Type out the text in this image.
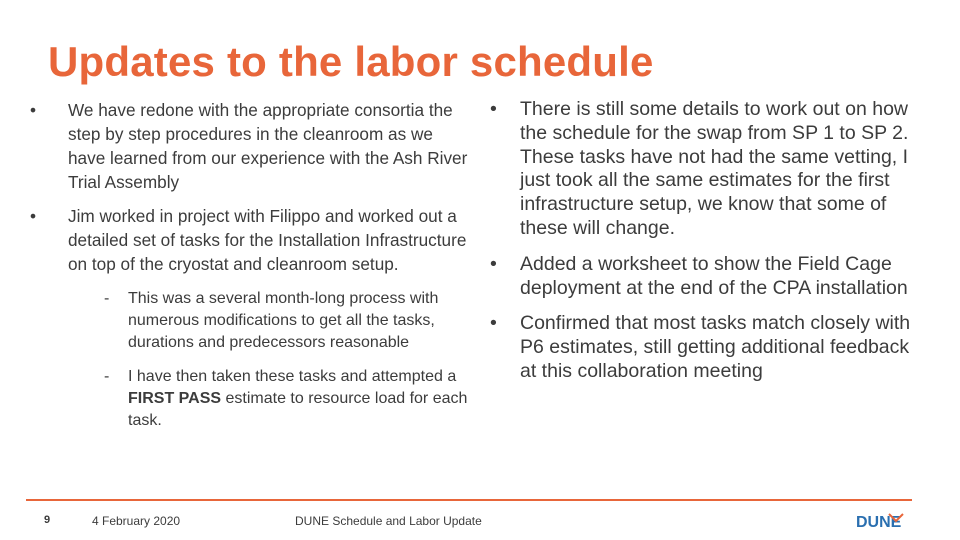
Updates to the labor schedule
• We have redone with the appropriate consortia the step by step procedures in the cleanroom as we have learned from our experience with the Ash River Trial Assembly
• Jim worked in project with Filippo and worked out a detailed set of tasks for the Installation Infrastructure on top of the cryostat and cleanroom setup.
- This was a several month-long process with numerous modifications to get all the tasks, durations and predecessors reasonable
- I have then taken these tasks and attempted a FIRST PASS estimate to resource load for each task.
• There is still some details to work out on how the schedule for the swap from SP 1 to SP 2. These tasks have not had the same vetting, I just took all the same estimates for the first infrastructure setup, we know that some of these will change.
• Added a worksheet to show the Field Cage deployment at the end of the CPA installation
• Confirmed that most tasks match closely with P6 estimates, still getting additional feedback at this collaboration meeting
9	4 February 2020	DUNE Schedule and Labor Update	DUNE
